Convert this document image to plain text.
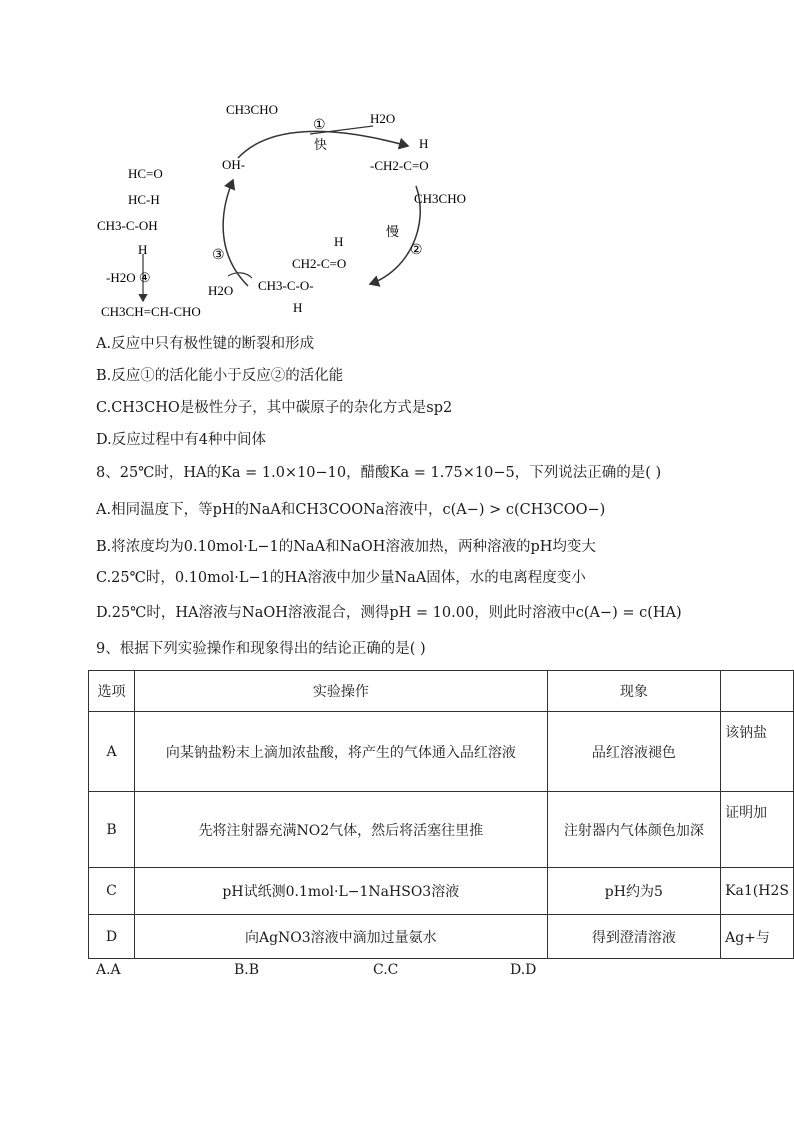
CH3CHO
①
快
H2O
OH-
H
-CH2-C=O
CH3CHO
慢
②
③
H2O
H
CH2-C=O
CH3-C-O-
H
HC=O
HC-H
CH3-C-OH
H
-H2O ④
CH3CH=CH-CHO
A.反应中只有极性键的断裂和形成
B.反应①的活化能小于反应②的活化能
C.CH3CHO是极性分子，其中碳原子的杂化方式是sp2
D.反应过程中有4种中间体
8、25℃时，HA的Ka = 1.0×10−10，醋酸Ka = 1.75×10−5，下列说法正确的是( )
A.相同温度下，等pH的NaA和CH3COONa溶液中，c(A−) > c(CH3COO−)
B.将浓度均为0.10mol·L−1的NaA和NaOH溶液加热，两种溶液的pH均变大
C.25℃时，0.10mol·L−1的HA溶液中加少量NaA固体，水的电离程度变小
D.25℃时，HA溶液与NaOH溶液混合，测得pH = 10.00，则此时溶液中c(A−) = c(HA)
9、根据下列实验操作和现象得出的结论正确的是( )
选项	实验操作	现象	
A	向某钠盐粉末上滴加浓盐酸，将产生的气体通入品红溶液	品红溶液褪色	该钠盐
B	先将注射器充满NO2气体，然后将活塞往里推	注射器内气体颜色加深	证明加
C	pH试纸测0.1mol·L−1NaHSO3溶液	pH约为5	Ka1(H2S
D	向AgNO3溶液中滴加过量氨水	得到澄清溶液	Ag+与
A.A	B.B	C.C	D.D
